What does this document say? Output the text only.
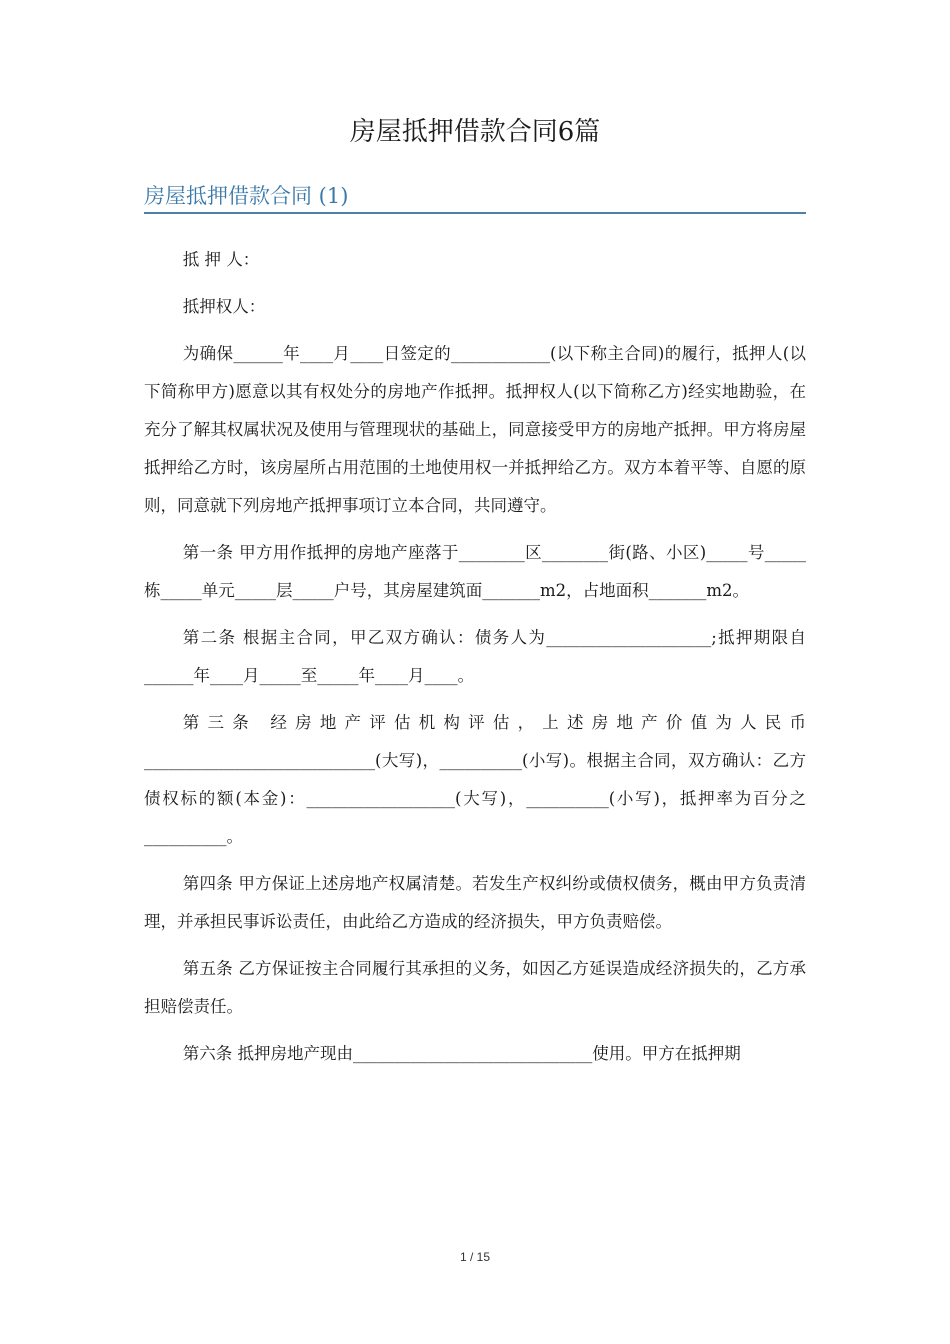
房屋抵押借款合同6篇
房屋抵押借款合同 (1)

抵 押 人：

抵押权人：

为确保______年____月____日签定的____________(以下称主合同)的履行，抵押人(以下简称甲方)愿意以其有权处分的房地产作抵押。抵押权人(以下简称乙方)经实地勘验，在充分了解其权属状况及使用与管理现状的基础上，同意接受甲方的房地产抵押。甲方将房屋抵押给乙方时，该房屋所占用范围的土地使用权一并抵押给乙方。双方本着平等、自愿的原则，同意就下列房地产抵押事项订立本合同，共同遵守。

第一条 甲方用作抵押的房地产座落于________区________街(路、小区)_____号_____栋_____单元_____层_____户号，其房屋建筑面_______m2，占地面积_______m2。

第二条 根据主合同，甲乙双方确认：债务人为____________________;抵押期限自______年____月_____至_____年____月____。

第三条 经房地产评估机构评估，上述房地产价值为人民币____________________________(大写)，__________(小写)。根据主合同，双方确认：乙方债权标的额(本金)：__________________(大写)，__________(小写)，抵押率为百分之__________。

第四条 甲方保证上述房地产权属清楚。若发生产权纠纷或债权债务，概由甲方负责清理，并承担民事诉讼责任，由此给乙方造成的经济损失，甲方负责赔偿。

第五条 乙方保证按主合同履行其承担的义务，如因乙方延误造成经济损失的，乙方承担赔偿责任。

第六条 抵押房地产现由_____________________________使用。甲方在抵押期

1 / 15
